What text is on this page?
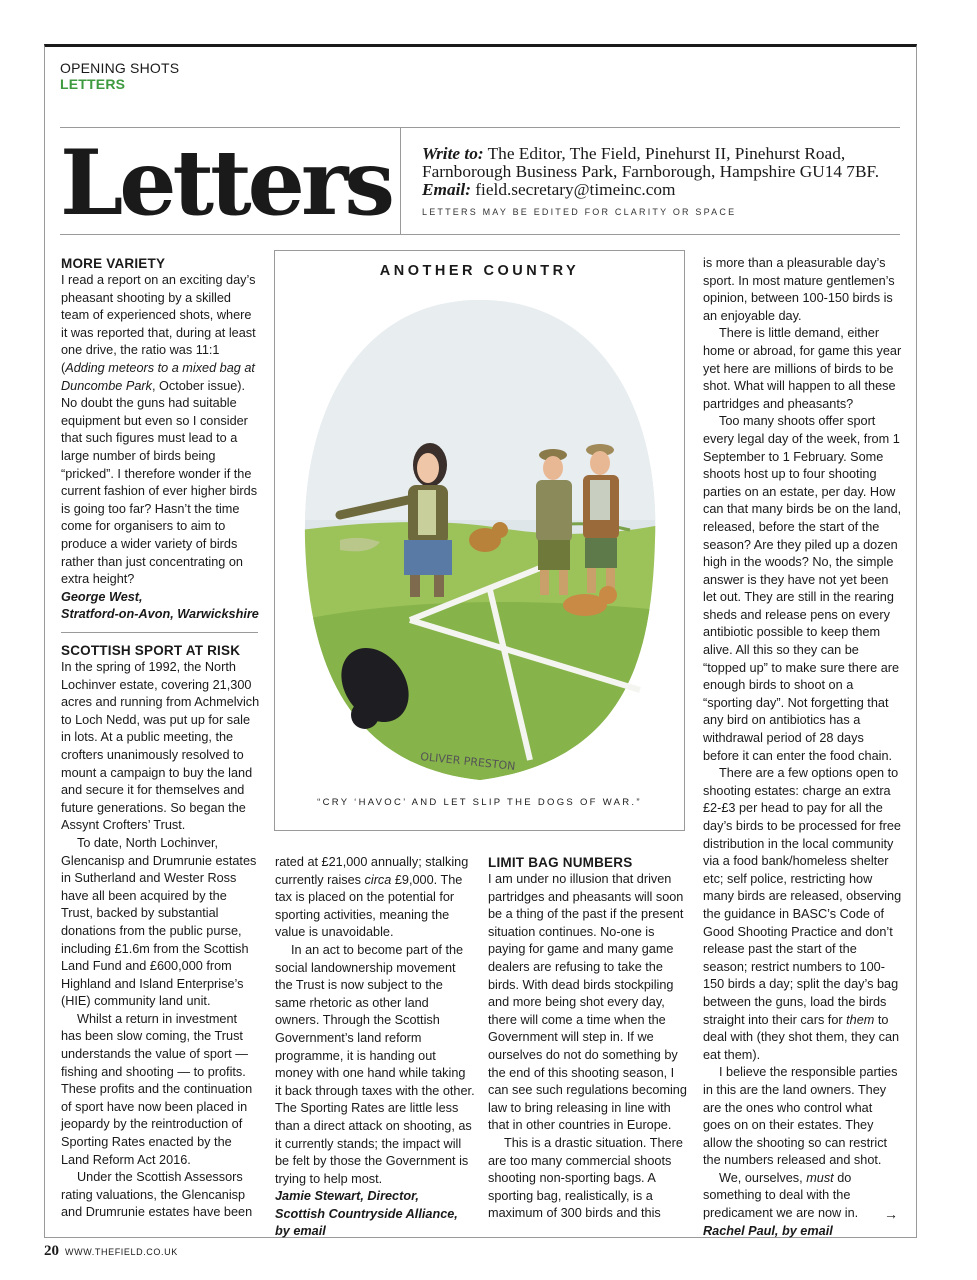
OPENING SHOTS
LETTERS
Letters Write to: The Editor, The Field, Pinehurst II, Pinehurst Road, Farnborough Business Park, Farnborough, Hampshire GU14 7BF.
Email: field.secretary@timeinc.com
LETTERS MAY BE EDITED FOR CLARITY OR SPACE
MORE VARIETY

I read a report on an exciting day’s pheasant shooting by a skilled team of experienced shots, where it was reported that, during at least one drive, the ratio was 11:1 (Adding meteors to a mixed bag at Duncombe Park, October issue). No doubt the guns had suitable equipment but even so I consider that such figures must lead to a large number of birds being “pricked”. I therefore wonder if the current fashion of ever higher birds is going too far? Hasn’t the time come for organisers to aim to produce a wider variety of birds rather than just concentrating on extra height?

George West,

Stratford-on-Avon, Warwickshire

SCOTTISH SPORT AT RISK

In the spring of 1992, the North Lochinver estate, covering 21,300 acres and running from Achmelvich to Loch Nedd, was put up for sale in lots. At a public meeting, the crofters unanimously resolved to mount a campaign to buy the land and secure it for themselves and future generations. So began the Assynt Crofters’ Trust.

To date, North Lochinver, Glencanisp and Drumrunie estates in Sutherland and Wester Ross have all been acquired by the Trust, backed by substantial donations from the public purse, including £1.6m from the Scottish Land Fund and £600,000 from Highland and Island Enterprise’s (HIE) community land unit.

Whilst a return in investment has been slow coming, the Trust understands the value of sport — fishing and shooting — to profits. These profits and the continuation of sport have now been placed in jeopardy by the reintroduction of Sporting Rates enacted by the Land Reform Act 2016.

Under the Scottish Assessors rating valuations, the Glencanisp and Drumrunie estates have been

ANOTHER COUNTRY
OLIVER PRESTON
“CRY ‘HAVOC’ AND LET SLIP THE DOGS OF WAR.”

rated at £21,000 annually; stalking currently raises circa £9,000. The tax is placed on the potential for sporting activities, meaning the value is unavoidable.

In an act to become part of the social landownership movement the Trust is now subject to the same rhetoric as other land owners. Through the Scottish Government’s land reform programme, it is handing out money with one hand while taking it back through taxes with the other. The Sporting Rates are little less than a direct attack on shooting, as it currently stands; the impact will be felt by those the Government is trying to help most.

Jamie Stewart, Director,

Scottish Countryside Alliance,

by email

LIMIT BAG NUMBERS

I am under no illusion that driven partridges and pheasants will soon be a thing of the past if the present situation continues. No-one is paying for game and many game dealers are refusing to take the birds. With dead birds stockpiling and more being shot every day, there will come a time when the Government will step in. If we ourselves do not do something by the end of this shooting season, I can see such regulations becoming law to bring releasing in line with that in other countries in Europe.

This is a drastic situation. There are too many commercial shoots shooting non-sporting bags. A sporting bag, realistically, is a maximum of 300 birds and this

is more than a pleasurable day’s sport. In most mature gentlemen’s opinion, between 100-150 birds is an enjoyable day.

There is little demand, either home or abroad, for game this year yet here are millions of birds to be shot. What will happen to all these partridges and pheasants?

Too many shoots offer sport every legal day of the week, from 1 September to 1 February. Some shoots host up to four shooting parties on an estate, per day. How can that many birds be on the land, released, before the start of the season? Are they piled up a dozen high in the woods? No, the simple answer is they have not yet been let out. They are still in the rearing sheds and release pens on every antibiotic possible to keep them alive. All this so they can be “topped up” to make sure there are enough birds to shoot on a “sporting day”. Not forgetting that any bird on antibiotics has a withdrawal period of 28 days before it can enter the food chain.

There are a few options open to shooting estates: charge an extra £2-£3 per head to pay for all the day’s birds to be processed for free distribution in the local community via a food bank/homeless shelter etc; self police, restricting how many birds are released, observing the guidance in BASC’s Code of Good Shooting Practice and don’t release past the start of the season; restrict numbers to 100-150 birds a day; split the day’s bag between the guns, load the birds straight into their cars for them to deal with (they shot them, they can eat them).

I believe the responsible parties in this are the land owners. They are the ones who control what goes on on their estates. They allow the shooting so can restrict the numbers released and shot.

We, ourselves, must do something to deal with the predicament we are now in.

Rachel Paul, by email

→
20 WWW.THEFIELD.CO.UK
